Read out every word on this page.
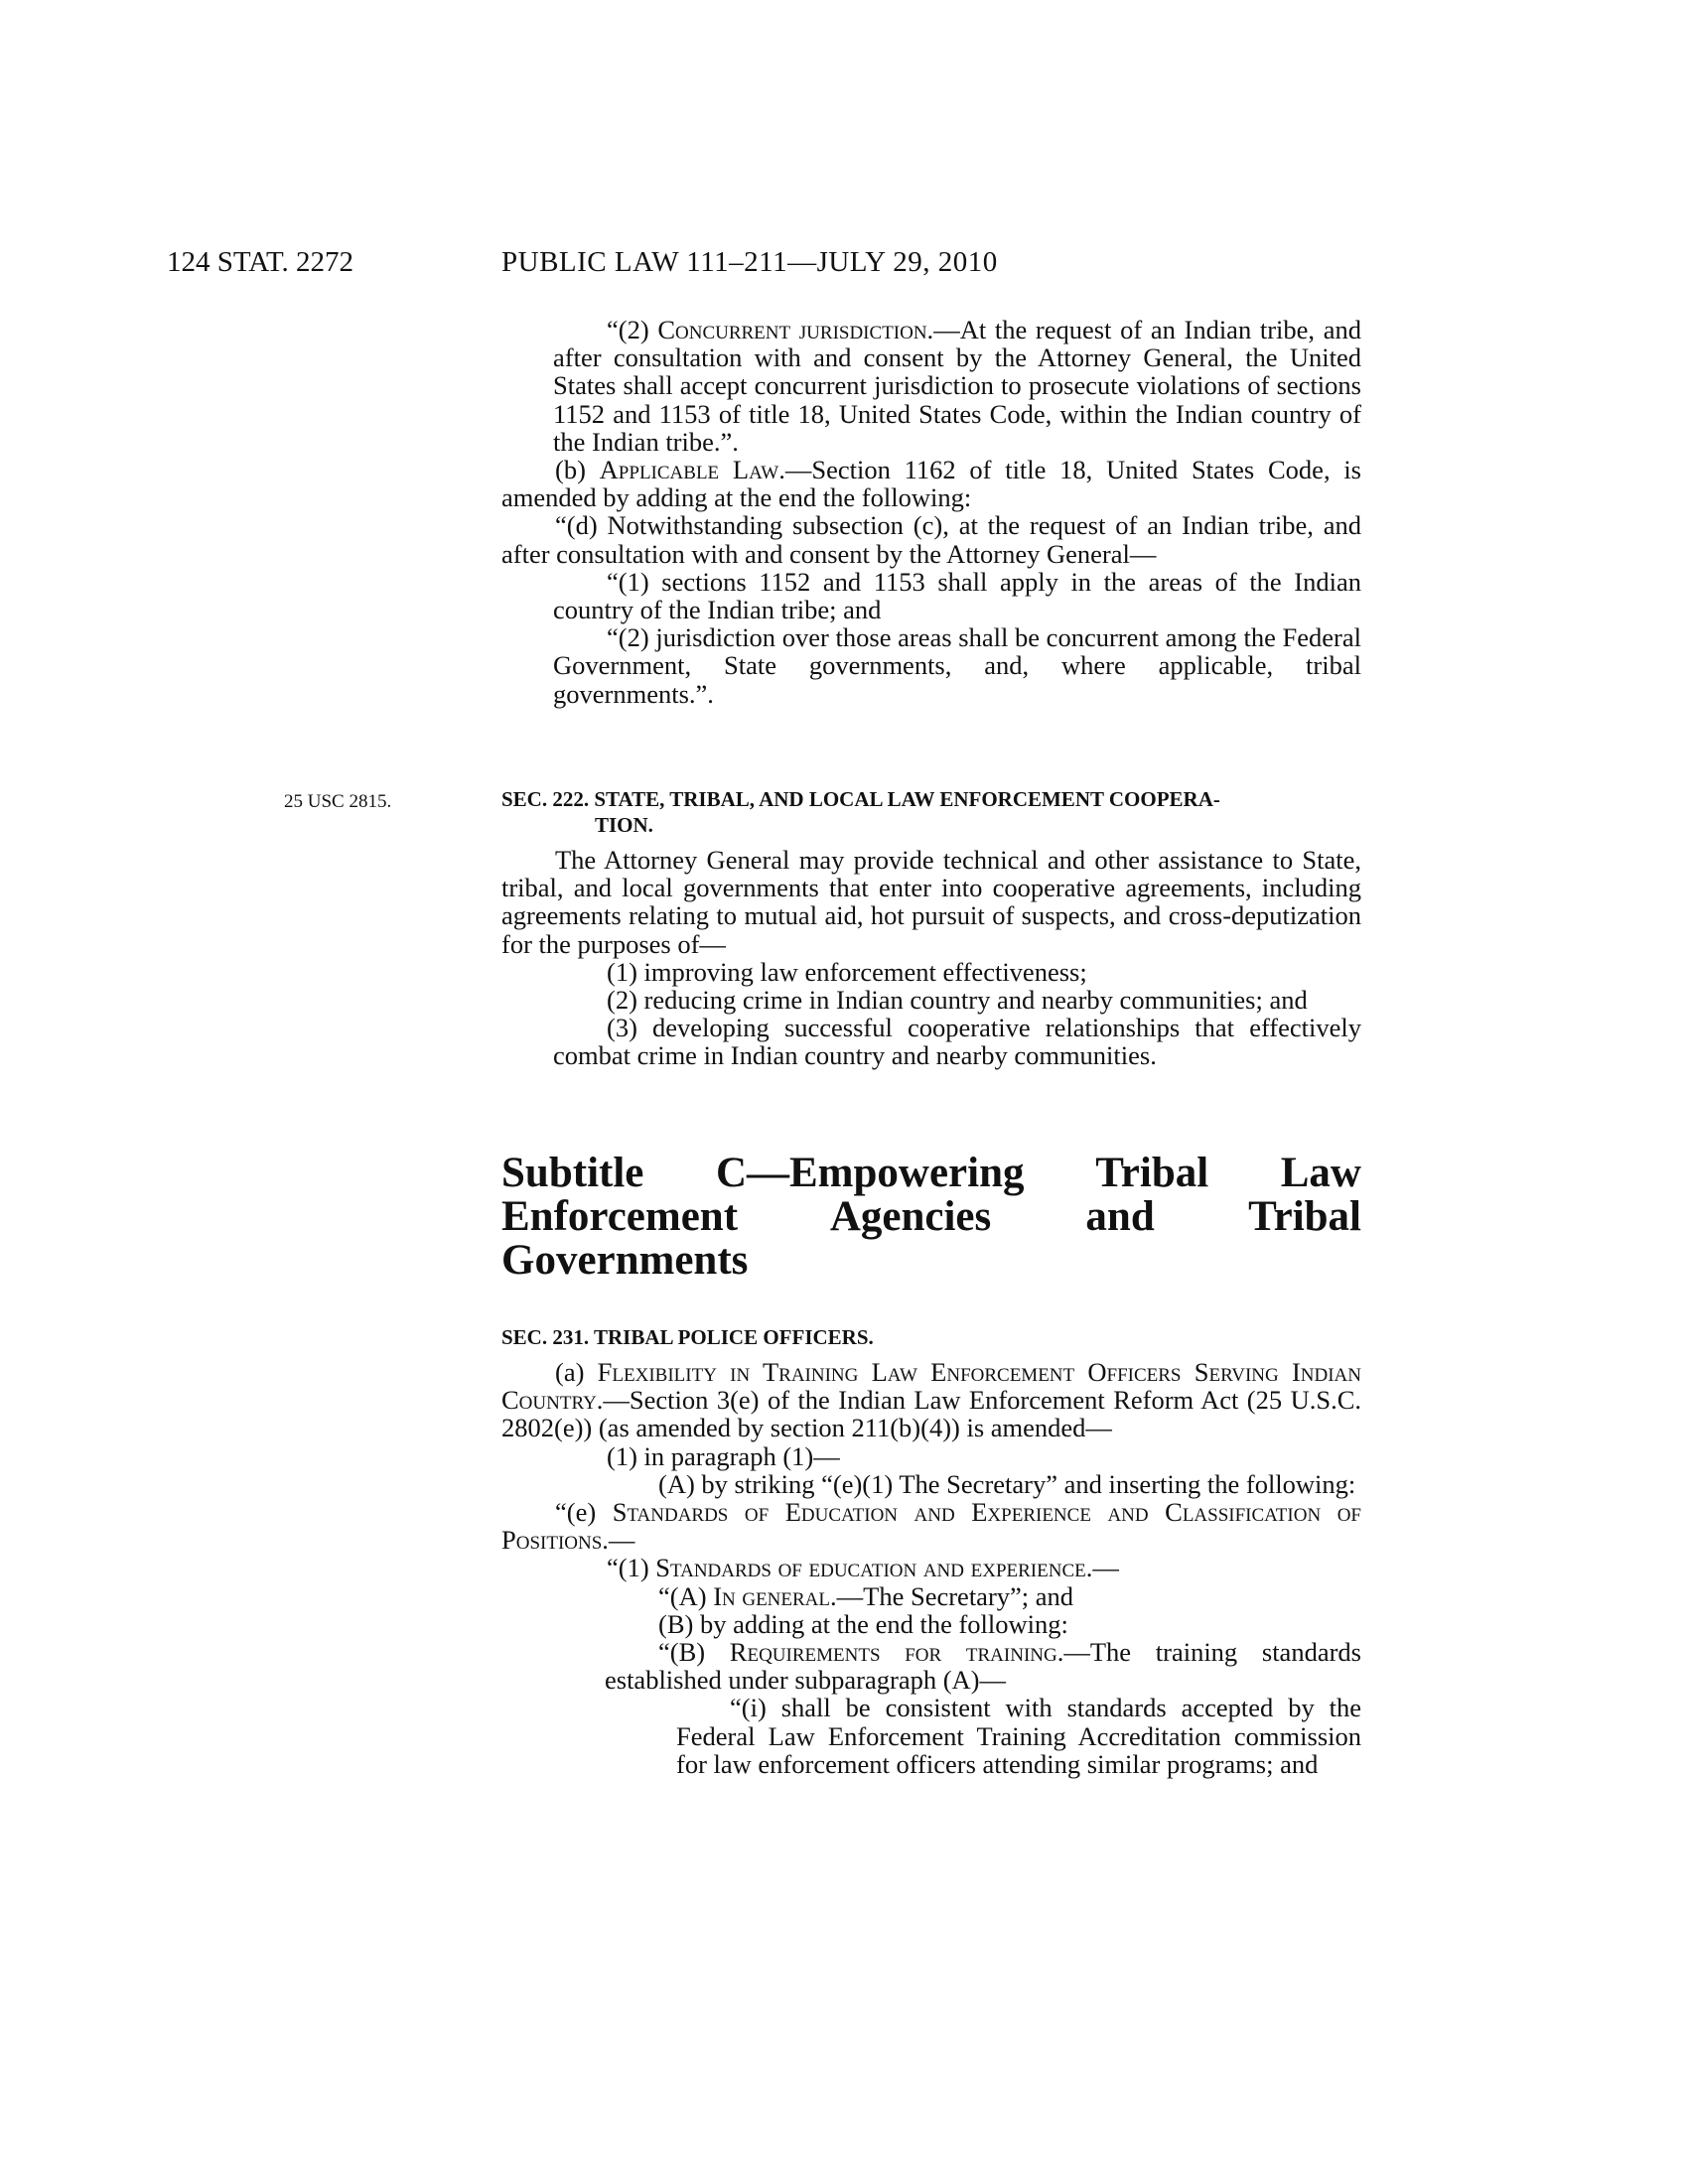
124 STAT. 2272	PUBLIC LAW 111–211—JULY 29, 2010
25 USC 2815.

“(2) Concurrent jurisdiction.—At the request of an Indian tribe, and after consultation with and consent by the Attorney General, the United States shall accept concurrent jurisdiction to prosecute violations of sections 1152 and 1153 of title 18, United States Code, within the Indian country of the Indian tribe.”.

(b) Applicable Law.—Section 1162 of title 18, United States Code, is amended by adding at the end the following:

“(d) Notwithstanding subsection (c), at the request of an Indian tribe, and after consultation with and consent by the Attorney General—

“(1) sections 1152 and 1153 shall apply in the areas of the Indian country of the Indian tribe; and

“(2) jurisdiction over those areas shall be concurrent among the Federal Government, State governments, and, where applicable, tribal governments.”.

SEC. 222. STATE, TRIBAL, AND LOCAL LAW ENFORCEMENT COOPERA-
TION.

The Attorney General may provide technical and other assistance to State, tribal, and local governments that enter into cooperative agreements, including agreements relating to mutual aid, hot pursuit of suspects, and cross-deputization for the purposes of—

(1) improving law enforcement effectiveness;

(2) reducing crime in Indian country and nearby communities; and

(3) developing successful cooperative relationships that effectively combat crime in Indian country and nearby communities.

Subtitle C—Empowering Tribal Law Enforcement Agencies and Tribal Governments

SEC. 231. TRIBAL POLICE OFFICERS.

(a) Flexibility in Training Law Enforcement Officers Serving Indian Country.—Section 3(e) of the Indian Law Enforcement Reform Act (25 U.S.C. 2802(e)) (as amended by section 211(b)(4)) is amended—

(1) in paragraph (1)—

(A) by striking “(e)(1) The Secretary” and inserting the following:

“(e) Standards of Education and Experience and Classification of Positions.—

“(1) Standards of education and experience.—

“(A) In general.—The Secretary”; and

(B) by adding at the end the following:

“(B) Requirements for training.—The training standards established under subparagraph (A)—

“(i) shall be consistent with standards accepted by the Federal Law Enforcement Training Accreditation commission for law enforcement officers attending similar programs; and
